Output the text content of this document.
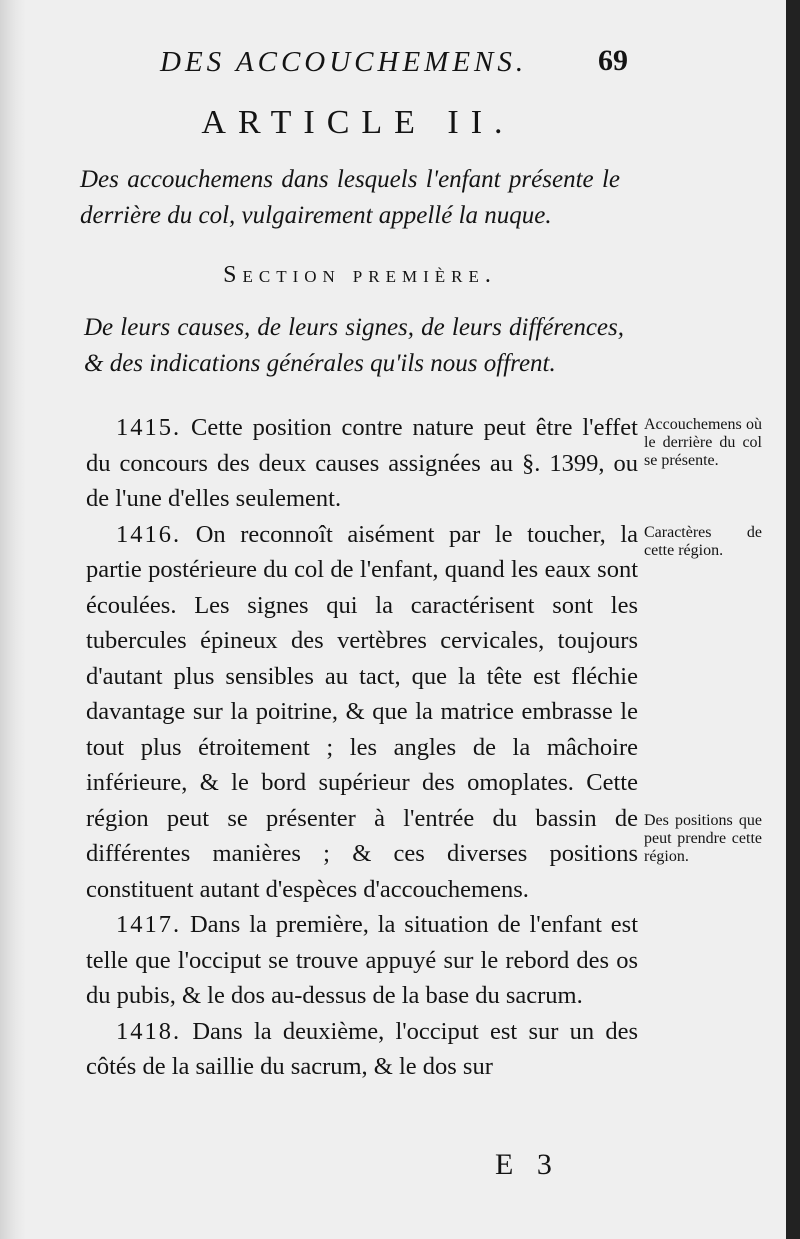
DES ACCOUCHEMENS.	69
ARTICLE II.
Des accouchemens dans lesquels l'enfant présente le derrière du col, vulgairement appellé la nuque.
Section première.
De leurs causes, de leurs signes, de leurs différences, & des indications générales qu'ils nous offrent.

1415. Cette position contre nature peut être l'effet du concours des deux causes assignées au §. 1399, ou de l'une d'elles seulement.

1416. On reconnoît aisément par le toucher, la partie postérieure du col de l'enfant, quand les eaux sont écoulées. Les signes qui la caractérisent sont les tubercules épineux des vertèbres cervicales, toujours d'autant plus sensibles au tact, que la tête est fléchie davantage sur la poitrine, & que la matrice embrasse le tout plus étroitement ; les angles de la mâchoire inférieure, & le bord supérieur des omoplates. Cette région peut se présenter à l'entrée du bassin de différentes manières ; & ces diverses positions constituent autant d'espèces d'accouchemens.

1417. Dans la première, la situation de l'enfant est telle que l'occiput se trouve appuyé sur le rebord des os du pubis, & le dos au-dessus de la base du sacrum.

1418. Dans la deuxième, l'occiput est sur un des côtés de la saillie du sacrum, & le dos sur

Accouchemens où le derrière du col se présente.
Caractères de cette région.
Des positions que peut prendre cette région.
E 3
